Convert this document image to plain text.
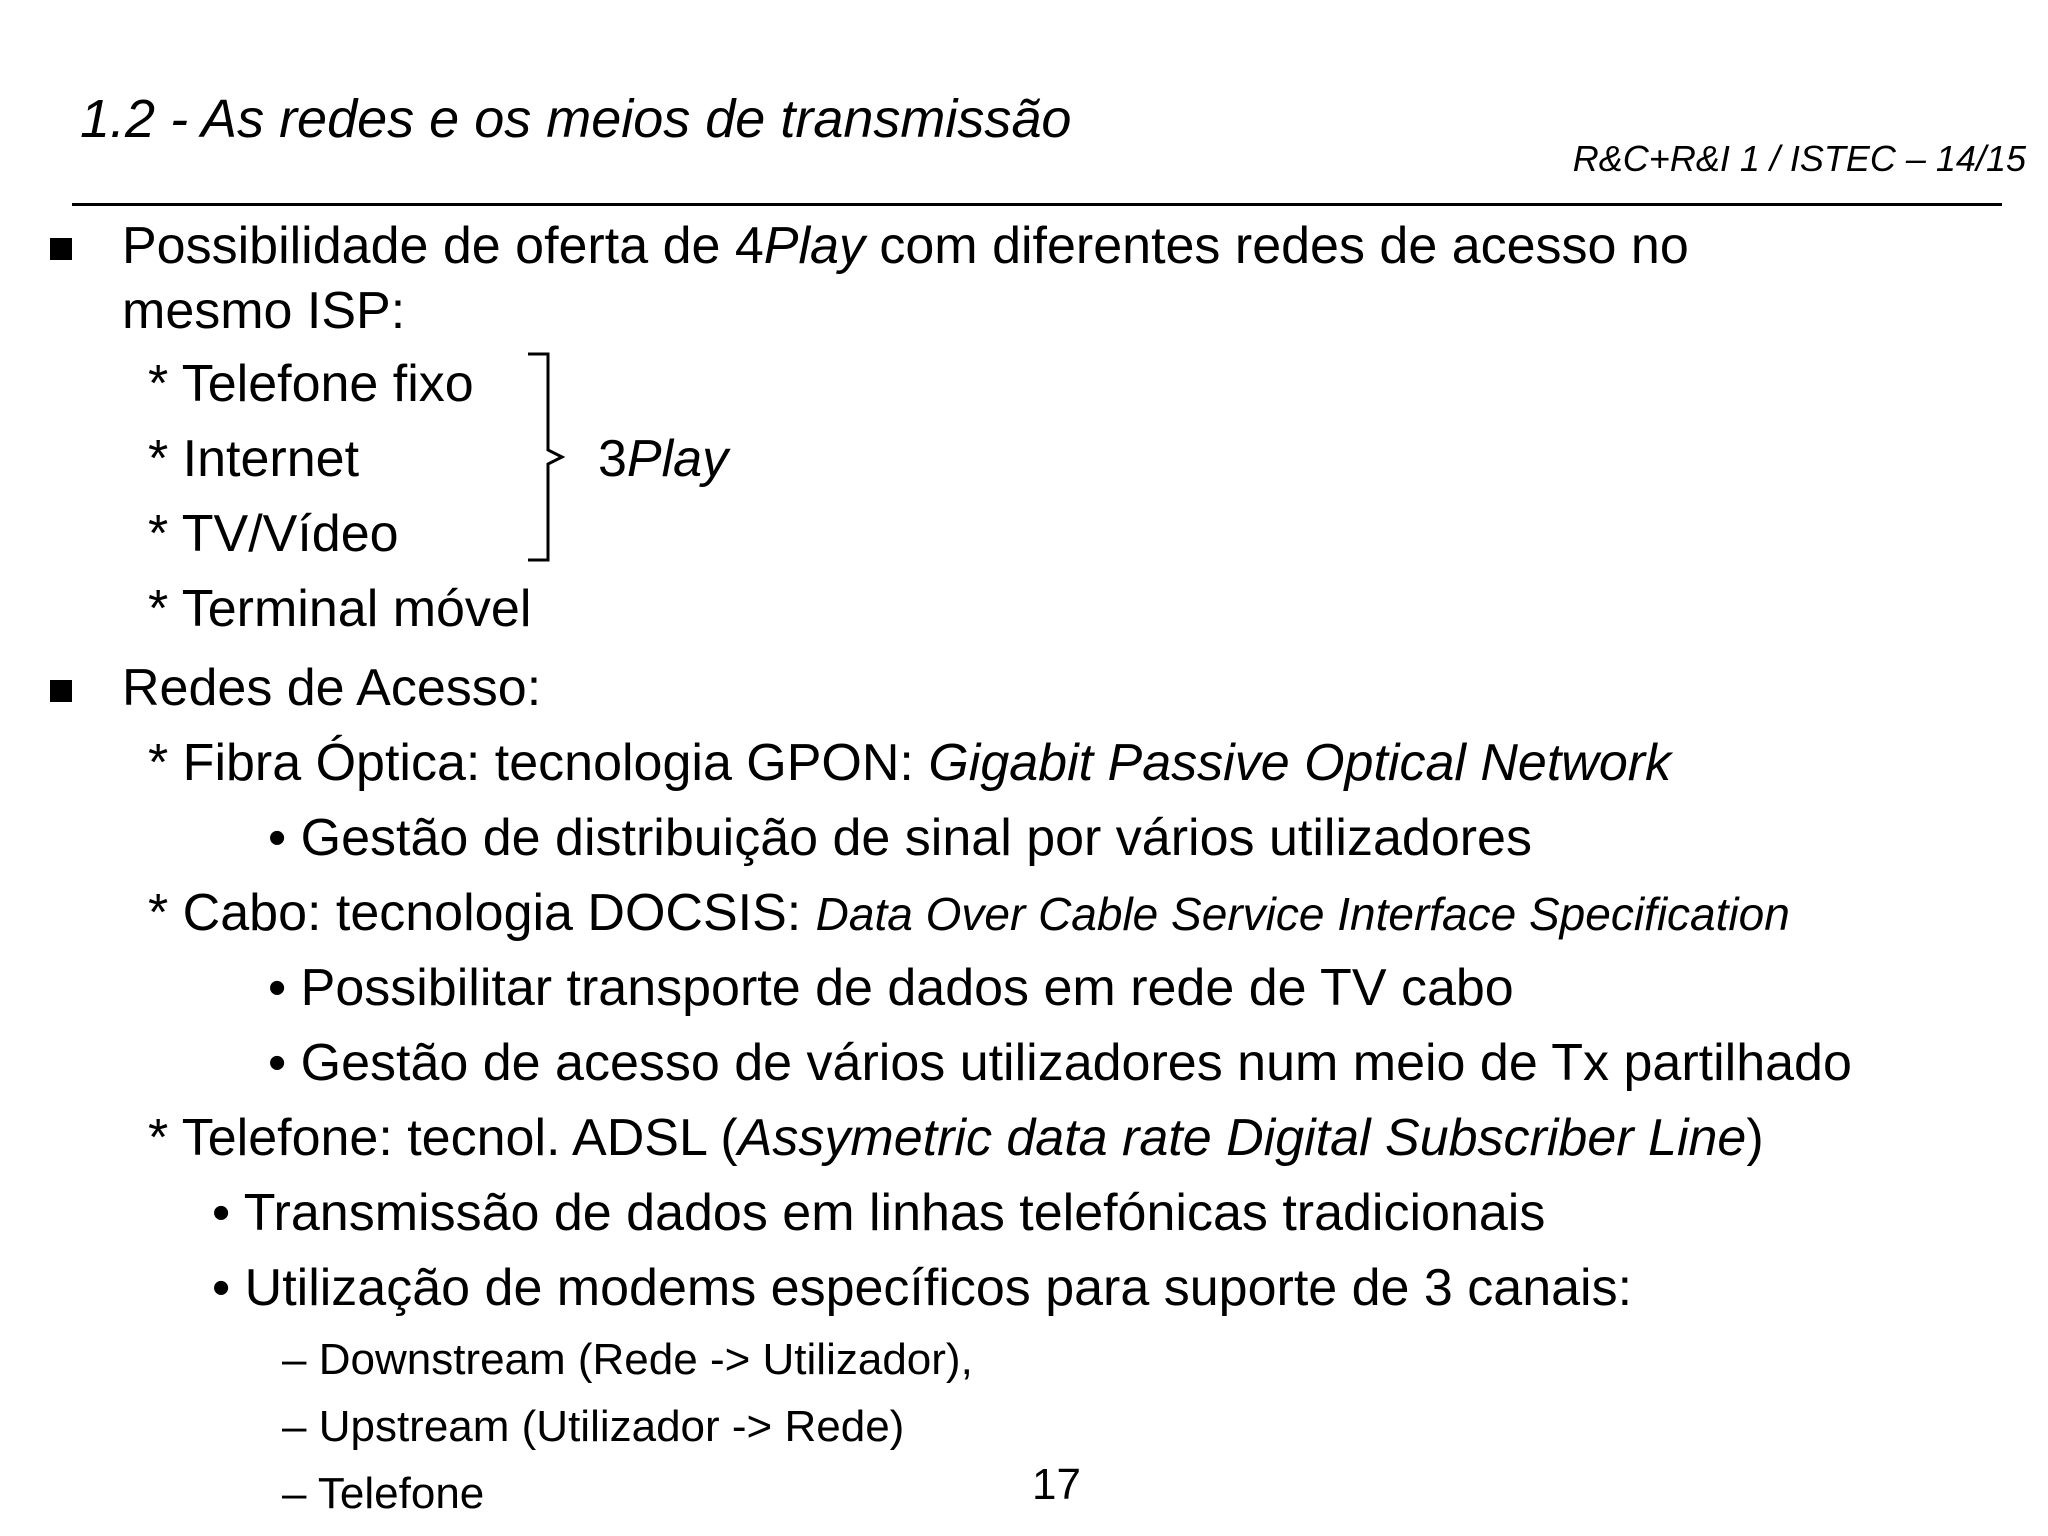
1.2 - As redes e os meios de transmissão
R&C+R&I 1 / ISTEC – 14/15
Possibilidade de oferta de 4Play com diferentes redes de acesso no
mesmo ISP:
* Telefone fixo
* Internet
* TV/Vídeo
* Terminal móvel
3Play
Redes de Acesso:
* Fibra Óptica: tecnologia GPON: Gigabit Passive Optical Network
• Gestão de distribuição de sinal por vários utilizadores
* Cabo: tecnologia DOCSIS: Data Over Cable Service Interface Specification
• Possibilitar transporte de dados em rede de TV cabo
• Gestão de acesso de vários utilizadores num meio de Tx partilhado
* Telefone: tecnol. ADSL (Assymetric data rate Digital Subscriber Line)
• Transmissão de dados em linhas telefónicas tradicionais
• Utilização de modems específicos para suporte de 3 canais:
– Downstream (Rede -> Utilizador),
– Upstream (Utilizador -> Rede)
– Telefone	17
